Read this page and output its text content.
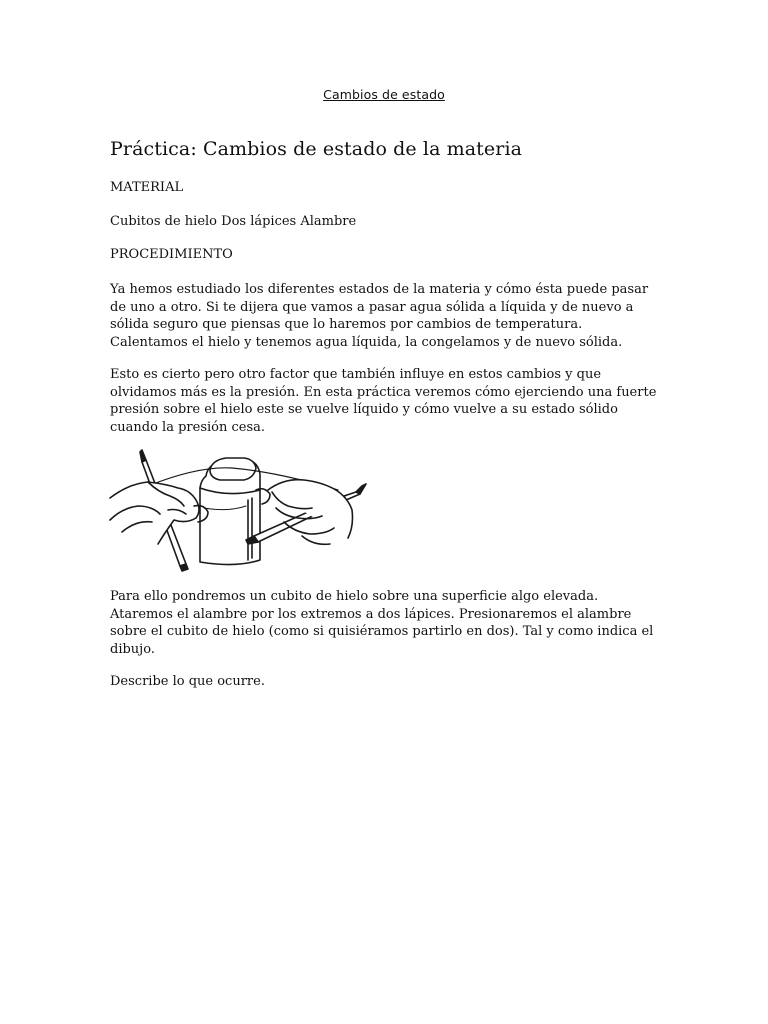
Cambios de estado
Práctica: Cambios de estado de la materia
MATERIAL
Cubitos de hielo Dos lápices Alambre
PROCEDIMIENTO
Ya hemos estudiado los diferentes estados de la materia y cómo ésta puede pasar
de uno a otro. Si te dijera que vamos a pasar agua sólida a líquida y de nuevo a
sólida seguro que piensas que lo haremos por cambios de temperatura.
Calentamos el hielo y tenemos agua líquida, la congelamos y de nuevo sólida.
Esto es cierto pero otro factor que también influye en estos cambios y que
olvidamos más es la presión. En esta práctica veremos cómo ejerciendo una fuerte
presión sobre el hielo este se vuelve líquido y cómo vuelve a su estado sólido
cuando la presión cesa.
Para ello pondremos un cubito de hielo sobre una superficie algo elevada.
Ataremos el alambre por los extremos a dos lápices. Presionaremos el alambre
sobre el cubito de hielo (como si quisiéramos partirlo en dos). Tal y como indica el
dibujo.
Describe lo que ocurre.
